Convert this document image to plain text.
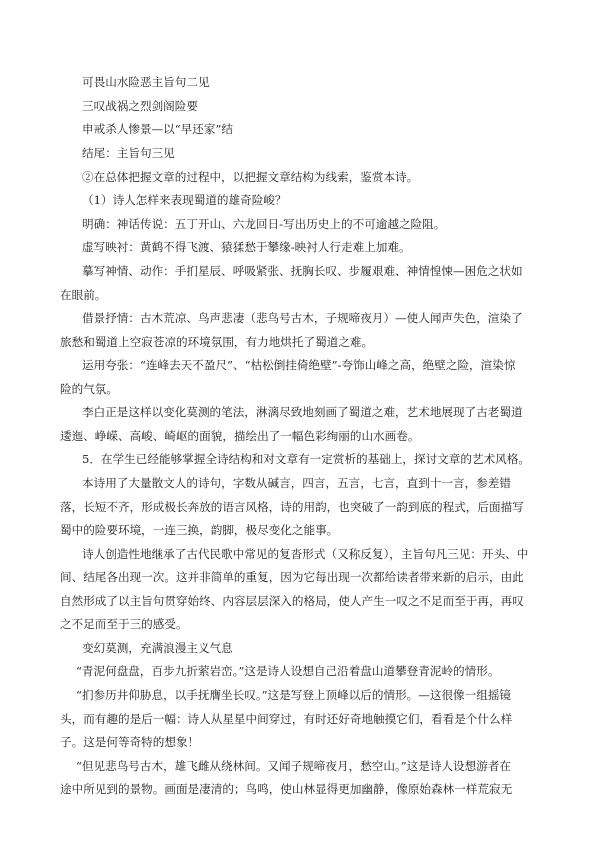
可畏山水险恶主旨句二见
三叹战祸之烈剑阁险要
申戒杀人惨景—以“早还家”结
结尾：主旨句三见
②在总体把握文章的过程中，以把握文章结构为线索，鉴赏本诗。
（1）诗人怎样来表现蜀道的雄奇险峻？
明确：神话传说：五丁开山、六龙回日-写出历史上的不可逾越之险阻。
虚写映衬：黄鹤不得飞渡、猿猱愁于攀缘-映衬人行走难上加难。
摹写神情、动作：手扪星辰、呼吸紧张、抚胸长叹、步履艰难、神情惶悚—困危之状如
在眼前。
借景抒情：古木荒凉、鸟声悲凄（悲鸟号古木，子规啼夜月）—使人闻声失色，渲染了
旅愁和蜀道上空寂苍凉的环境氛围，有力地烘托了蜀道之难。
运用夸张：“连峰去天不盈尺”、“枯松倒挂倚绝壁”-夸饰山峰之高，绝壁之险，渲染惊
险的气氛。
李白正是这样以变化莫测的笔法，淋漓尽致地刻画了蜀道之难，艺术地展现了古老蜀道
逶迤、峥嵘、高峻、崎岖的面貌，描绘出了一幅色彩绚丽的山水画卷。
5．在学生已经能够掌握全诗结构和对文章有一定赏析的基础上，探讨文章的艺术风格。
本诗用了大量散文人的诗句，字数从碱言，四言，五言，七言，直到十一言，参差错
落，长短不齐，形成极长奔放的语言风格，诗的用韵，也突破了一韵到底的程式，后面描写
蜀中的险要环境，一连三换，韵脚，极尽变化之能事。
诗人创造性地继承了古代民歌中常见的复沓形式（又称反复），主旨句凡三见：开头、中
间、结尾各出现一次。这并非简单的重复，因为它每出现一次都给读者带来新的启示，由此
自然形成了以主旨句贯穿始终、内容层层深入的格局，使人产生一叹之不足而至于再，再叹
之不足而至于三的感受。
变幻莫测，充满浪漫主义气息
“青泥何盘盘，百步九折萦岩峦。”这是诗人设想自己沿着盘山道攀登青泥岭的情形。
“扪参历井仰胁息，以手抚膺坐长叹。”这是写登上顶峰以后的情形。—这很像一组摇镜
头，而有趣的是后一幅：诗人从星星中间穿过，有时还好奇地触摸它们，看看是个什么样
子。这是何等奇特的想象！
“但见悲鸟号古木，雄飞雌从绕林间。又闻子规啼夜月，愁空山。”这是诗人设想游者在
途中所见到的景物。画面是凄清的；鸟鸣，使山林显得更加幽静，像原始森林一样荒寂无
